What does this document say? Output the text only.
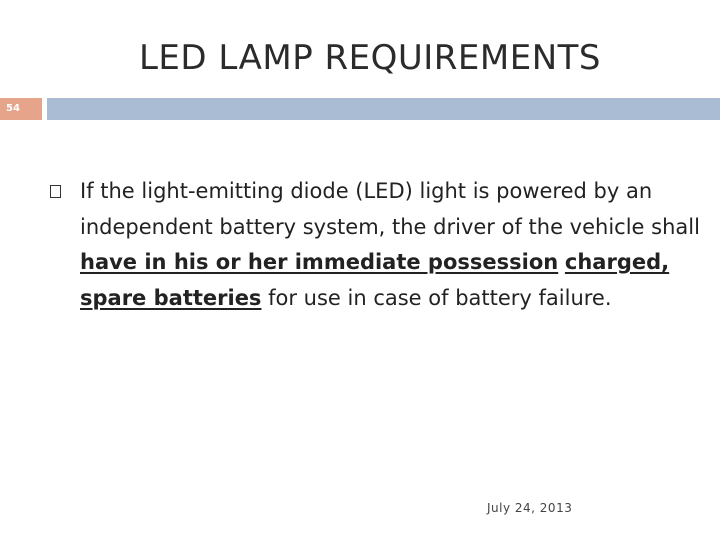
LED LAMP REQUIREMENTS
54
If the light-emitting diode (LED) light is powered by an independent battery system, the driver of the vehicle shall have in his or her immediate possession charged, spare batteries for use in case of battery failure.
July 24, 2013
